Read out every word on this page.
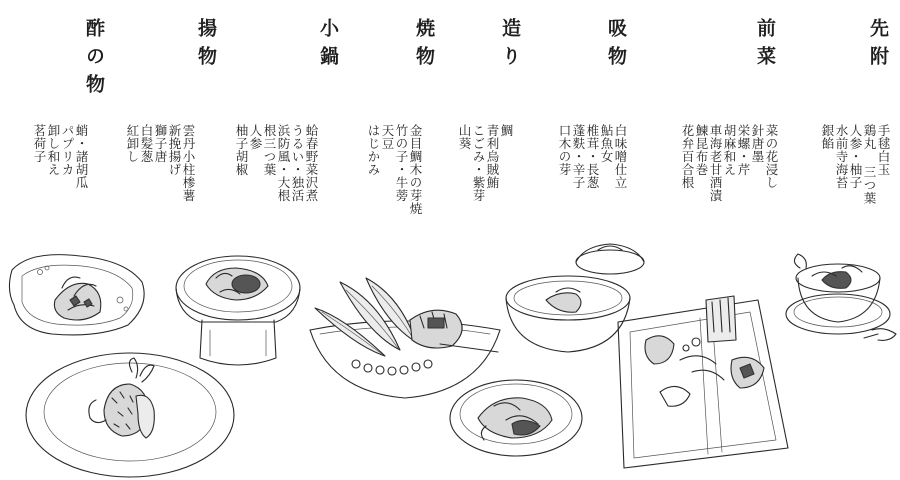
先附
手毬白玉
鶏丸 三つ葉
人参・柚子
水前寺海苔
銀餡
前菜
菜の花浸し
針唐墨
栄螺・芹
胡麻和え
車海老甘酒漬
鰊昆布巻
花弁百合根
吸物
白味噌仕立
鮎魚女
椎茸・長葱
蓬麩・辛子
口木の芽
造り
鯛
青利烏賊鮪
こごみ・紫芽
山葵
焼物
金目鯛木の芽焼
竹の子・牛蒡
天豆
はじかみ
小鍋
蛤春野菜沢煮
うるい・独活
浜防風・大根
根三つ葉
人参
柚子胡椒
揚物
雲丹小柱椮薯
新挽揚げ
獅子唐
白髪葱
紅卸し
酢の物
蛸・諸胡瓜
パプリカ
卸し和え
茗荷子
